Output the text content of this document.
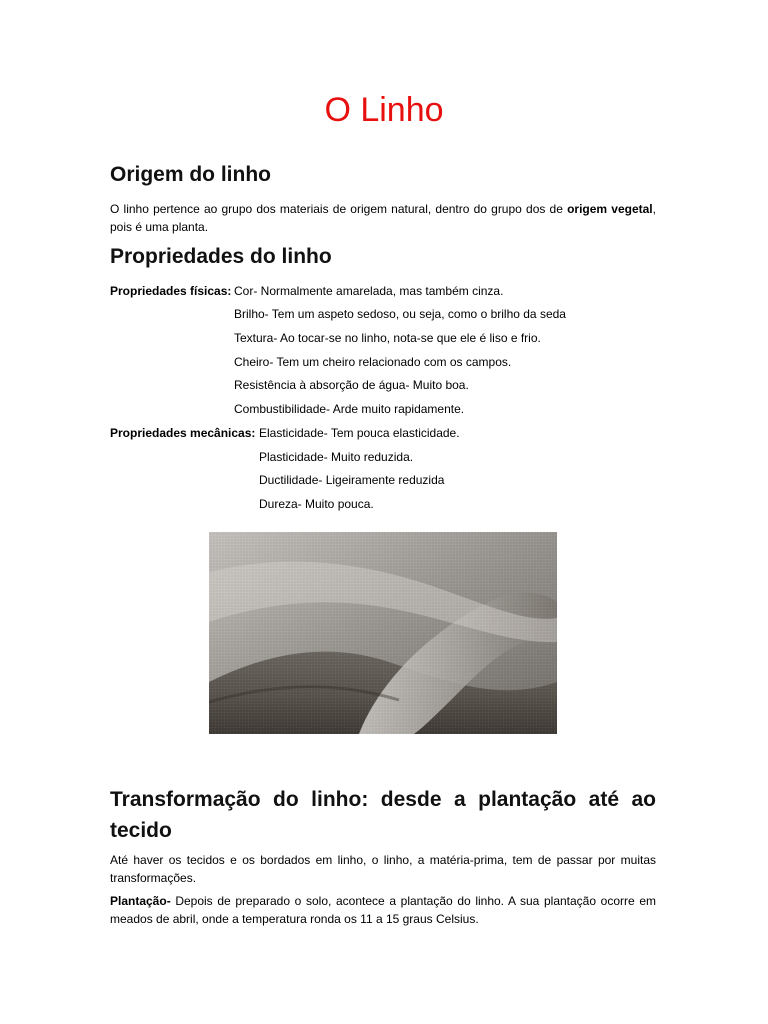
O Linho
Origem do linho

O linho pertence ao grupo dos materiais de origem natural, dentro do grupo dos de origem vegetal, pois é uma planta.

Propriedades do linho
Propriedades físicas: Cor- Normalmente amarelada, mas também cinza.
Brilho- Tem um aspeto sedoso, ou seja, como o brilho da seda
Textura- Ao tocar-se no linho, nota-se que ele é liso e frio.
Cheiro- Tem um cheiro relacionado com os campos.
Resistência à absorção de água- Muito boa.
Combustibilidade- Arde muito rapidamente.
Propriedades mecânicas: Elasticidade- Tem pouca elasticidade.
Plasticidade- Muito reduzida.
Ductilidade- Ligeiramente reduzida
Dureza- Muito pouca.
Transformação do linho: desde a plantação até ao tecido

Até haver os tecidos e os bordados em linho, o linho, a matéria-prima, tem de passar por muitas transformações.

Plantação- Depois de preparado o solo, acontece a plantação do linho. A sua plantação ocorre em meados de abril, onde a temperatura ronda os 11 a 15 graus Celsius.
